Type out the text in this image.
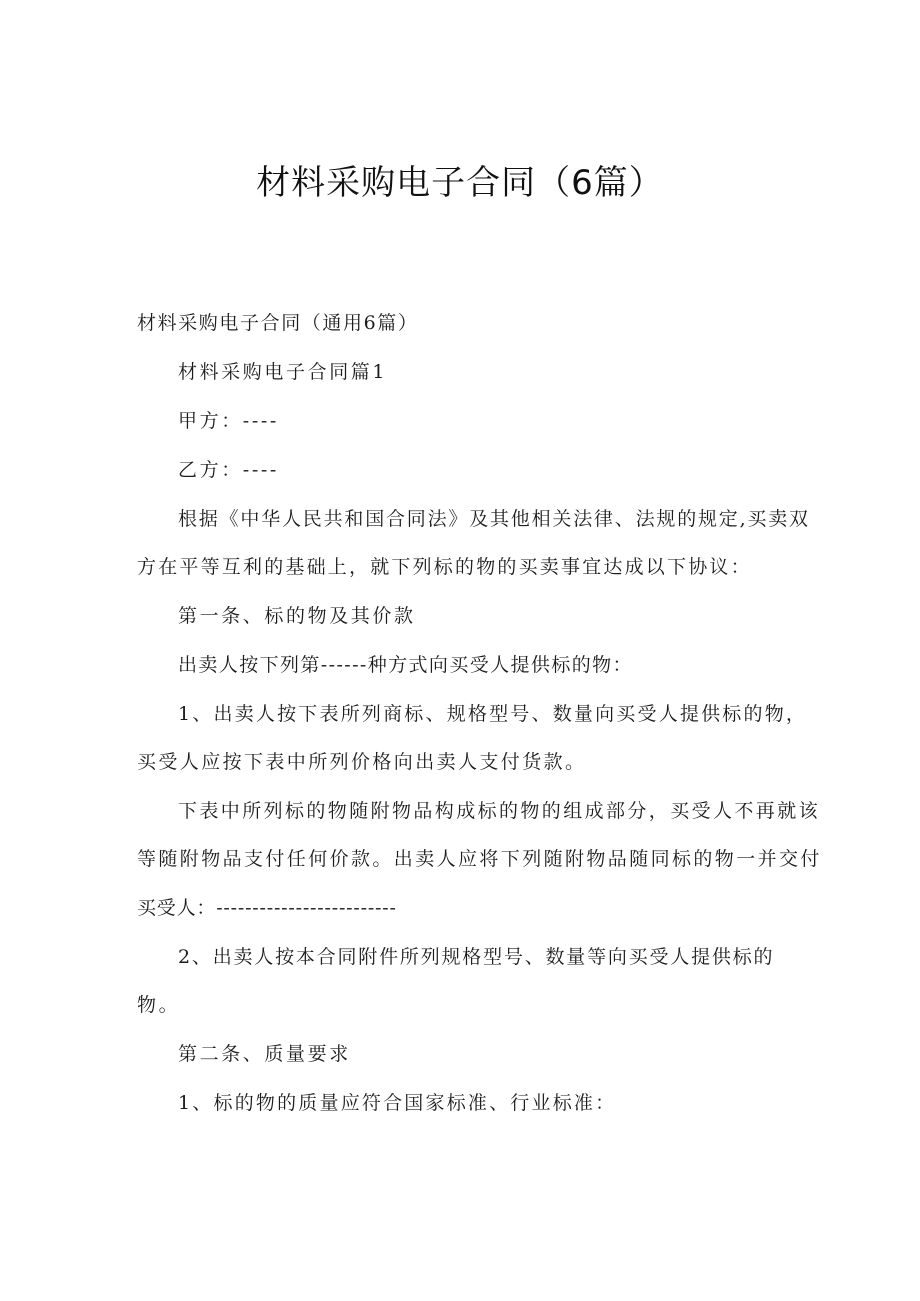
材料采购电子合同（6篇）
材料采购电子合同（通用6篇）
材料采购电子合同篇1
甲方：----
乙方：----
根据《中华人民共和国合同法》及其他相关法律、法规的规定,买卖双
方在平等互利的基础上，就下列标的物的买卖事宜达成以下协议：
第一条、标的物及其价款
出卖人按下列第------种方式向买受人提供标的物：
1、出卖人按下表所列商标、规格型号、数量向买受人提供标的物，
买受人应按下表中所列价格向出卖人支付货款。
下表中所列标的物随附物品构成标的物的组成部分，买受人不再就该
等随附物品支付任何价款。出卖人应将下列随附物品随同标的物一并交付
买受人：-------------------------
2、出卖人按本合同附件所列规格型号、数量等向买受人提供标的
物。
第二条、质量要求
1、标的物的质量应符合国家标准、行业标准：
